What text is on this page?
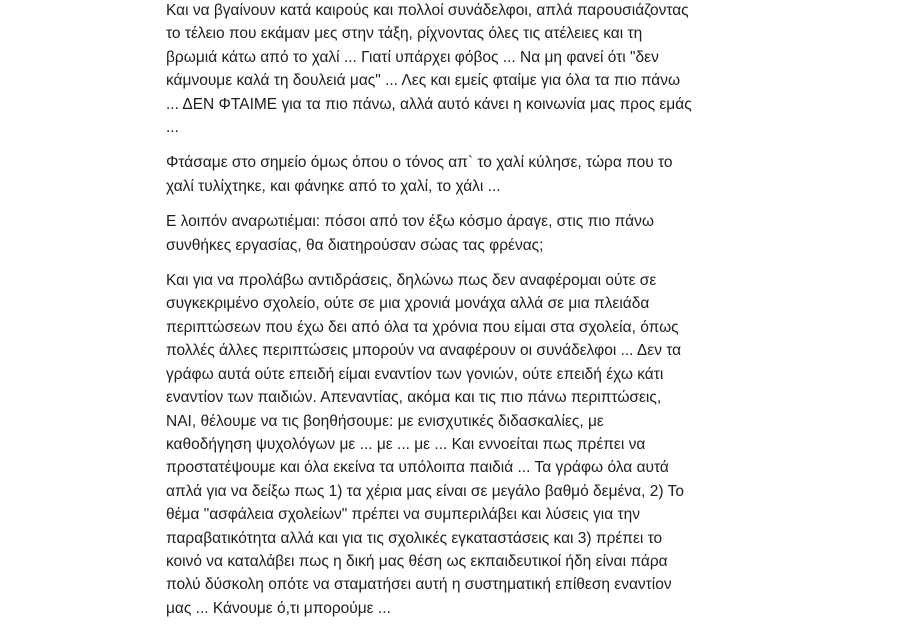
Και να βγαίνουν κατά καιρούς και πολλοί συνάδελφοι, απλά παρουσιάζοντας
το τέλειο που εκάμαν μες στην τάξη, ρίχνοντας όλες τις ατέλειες και τη
βρωμιά κάτω από το χαλί ... Γιατί υπάρχει φόβος ... Να μη φανεί ότι "δεν
κάμνουμε καλά τη δουλειά μας" ... Λες και εμείς φταίμε για όλα τα πιο πάνω
... ΔΕΝ ΦΤΑΙΜΕ για τα πιο πάνω, αλλά αυτό κάνει η κοινωνία μας προς εμάς
...

Φτάσαμε στο σημείο όμως όπου ο τόνος απ` το χαλί κύλησε, τώρα που το
χαλί τυλίχτηκε, και φάνηκε από το χαλί, το χάλι ...

Ε λοιπόν αναρωτιέμαι: πόσοι από τον έξω κόσμο άραγε, στις πιο πάνω
συνθήκες εργασίας, θα διατηρούσαν σώας τας φρένας;

Και για να προλάβω αντιδράσεις, δηλώνω πως δεν αναφέρομαι ούτε σε
συγκεκριμένο σχολείο, ούτε σε μια χρονιά μονάχα αλλά σε μια πλειάδα
περιπτώσεων που έχω δει από όλα τα χρόνια που είμαι στα σχολεία, όπως
πολλές άλλες περιπτώσεις μπορούν να αναφέρουν οι συνάδελφοι ... Δεν τα
γράφω αυτά ούτε επειδή είμαι εναντίον των γονιών, ούτε επειδή έχω κάτι
εναντίον των παιδιών. Απεναντίας, ακόμα και τις πιο πάνω περιπτώσεις,
ΝΑΙ, θέλουμε να τις βοηθήσουμε: με ενισχυτικές διδασκαλίες, με
καθοδήγηση ψυχολόγων με ... με ... με ... Και εννοείται πως πρέπει να
προστατέψουμε και όλα εκείνα τα υπόλοιπα παιδιά ... Τα γράφω όλα αυτά
απλά για να δείξω πως 1) τα χέρια μας είναι σε μεγάλο βαθμό δεμένα, 2) Το
θέμα "ασφάλεια σχολείων" πρέπει να συμπεριλάβει και λύσεις για την
παραβατικότητα αλλά και για τις σχολικές εγκαταστάσεις και 3) πρέπει το
κοινό να καταλάβει πως η δική μας θέση ως εκπαιδευτικοί ήδη είναι πάρα
πολύ δύσκολη οπότε να σταματήσει αυτή η συστηματική επίθεση εναντίον
μας ... Κάνουμε ό,τι μπορούμε ...
